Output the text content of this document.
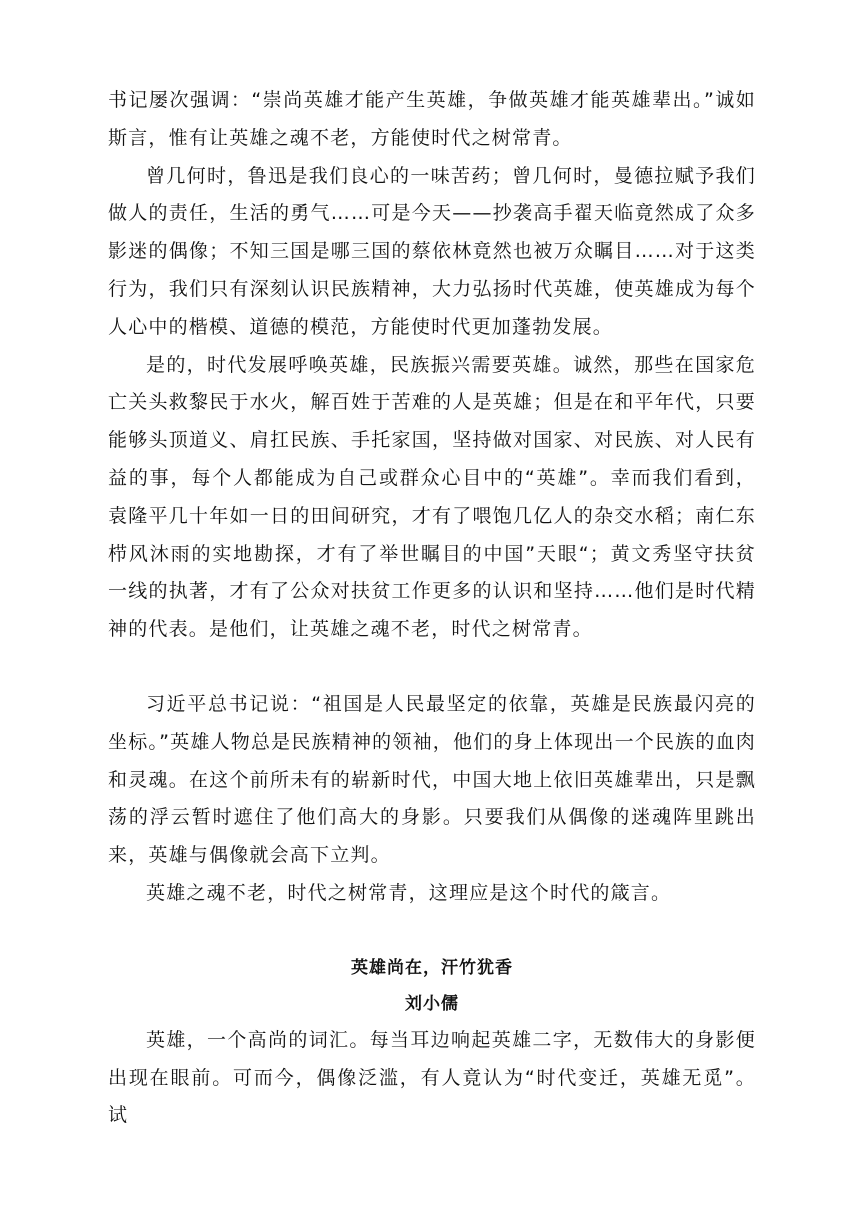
书记屡次强调：“崇尚英雄才能产生英雄，争做英雄才能英雄辈出。”诚如斯言，惟有让英雄之魂不老，方能使时代之树常青。

曾几何时，鲁迅是我们良心的一味苦药；曾几何时，曼德拉赋予我们做人的责任，生活的勇气……可是今天——抄袭高手翟天临竟然成了众多影迷的偶像；不知三国是哪三国的蔡依林竟然也被万众瞩目……对于这类行为，我们只有深刻认识民族精神，大力弘扬时代英雄，使英雄成为每个人心中的楷模、道德的模范，方能使时代更加蓬勃发展。

是的，时代发展呼唤英雄，民族振兴需要英雄。诚然，那些在国家危亡关头救黎民于水火，解百姓于苦难的人是英雄；但是在和平年代，只要能够头顶道义、肩扛民族、手托家国，坚持做对国家、对民族、对人民有益的事，每个人都能成为自己或群众心目中的“英雄”。幸而我们看到，袁隆平几十年如一日的田间研究，才有了喂饱几亿人的杂交水稻；南仁东栉风沐雨的实地勘探，才有了举世瞩目的中国”天眼“；黄文秀坚守扶贫一线的执著，才有了公众对扶贫工作更多的认识和坚持……他们是时代精神的代表。是他们，让英雄之魂不老，时代之树常青。

习近平总书记说：“祖国是人民最坚定的依靠，英雄是民族最闪亮的坐标。”英雄人物总是民族精神的领袖，他们的身上体现出一个民族的血肉和灵魂。在这个前所未有的崭新时代，中国大地上依旧英雄辈出，只是飘荡的浮云暂时遮住了他们高大的身影。只要我们从偶像的迷魂阵里跳出来，英雄与偶像就会高下立判。

英雄之魂不老，时代之树常青，这理应是这个时代的箴言。

英雄尚在，汗竹犹香

刘小儒

英雄，一个高尚的词汇。每当耳边响起英雄二字，无数伟大的身影便出现在眼前。可而今，偶像泛滥，有人竟认为“时代变迁，英雄无觅”。试
